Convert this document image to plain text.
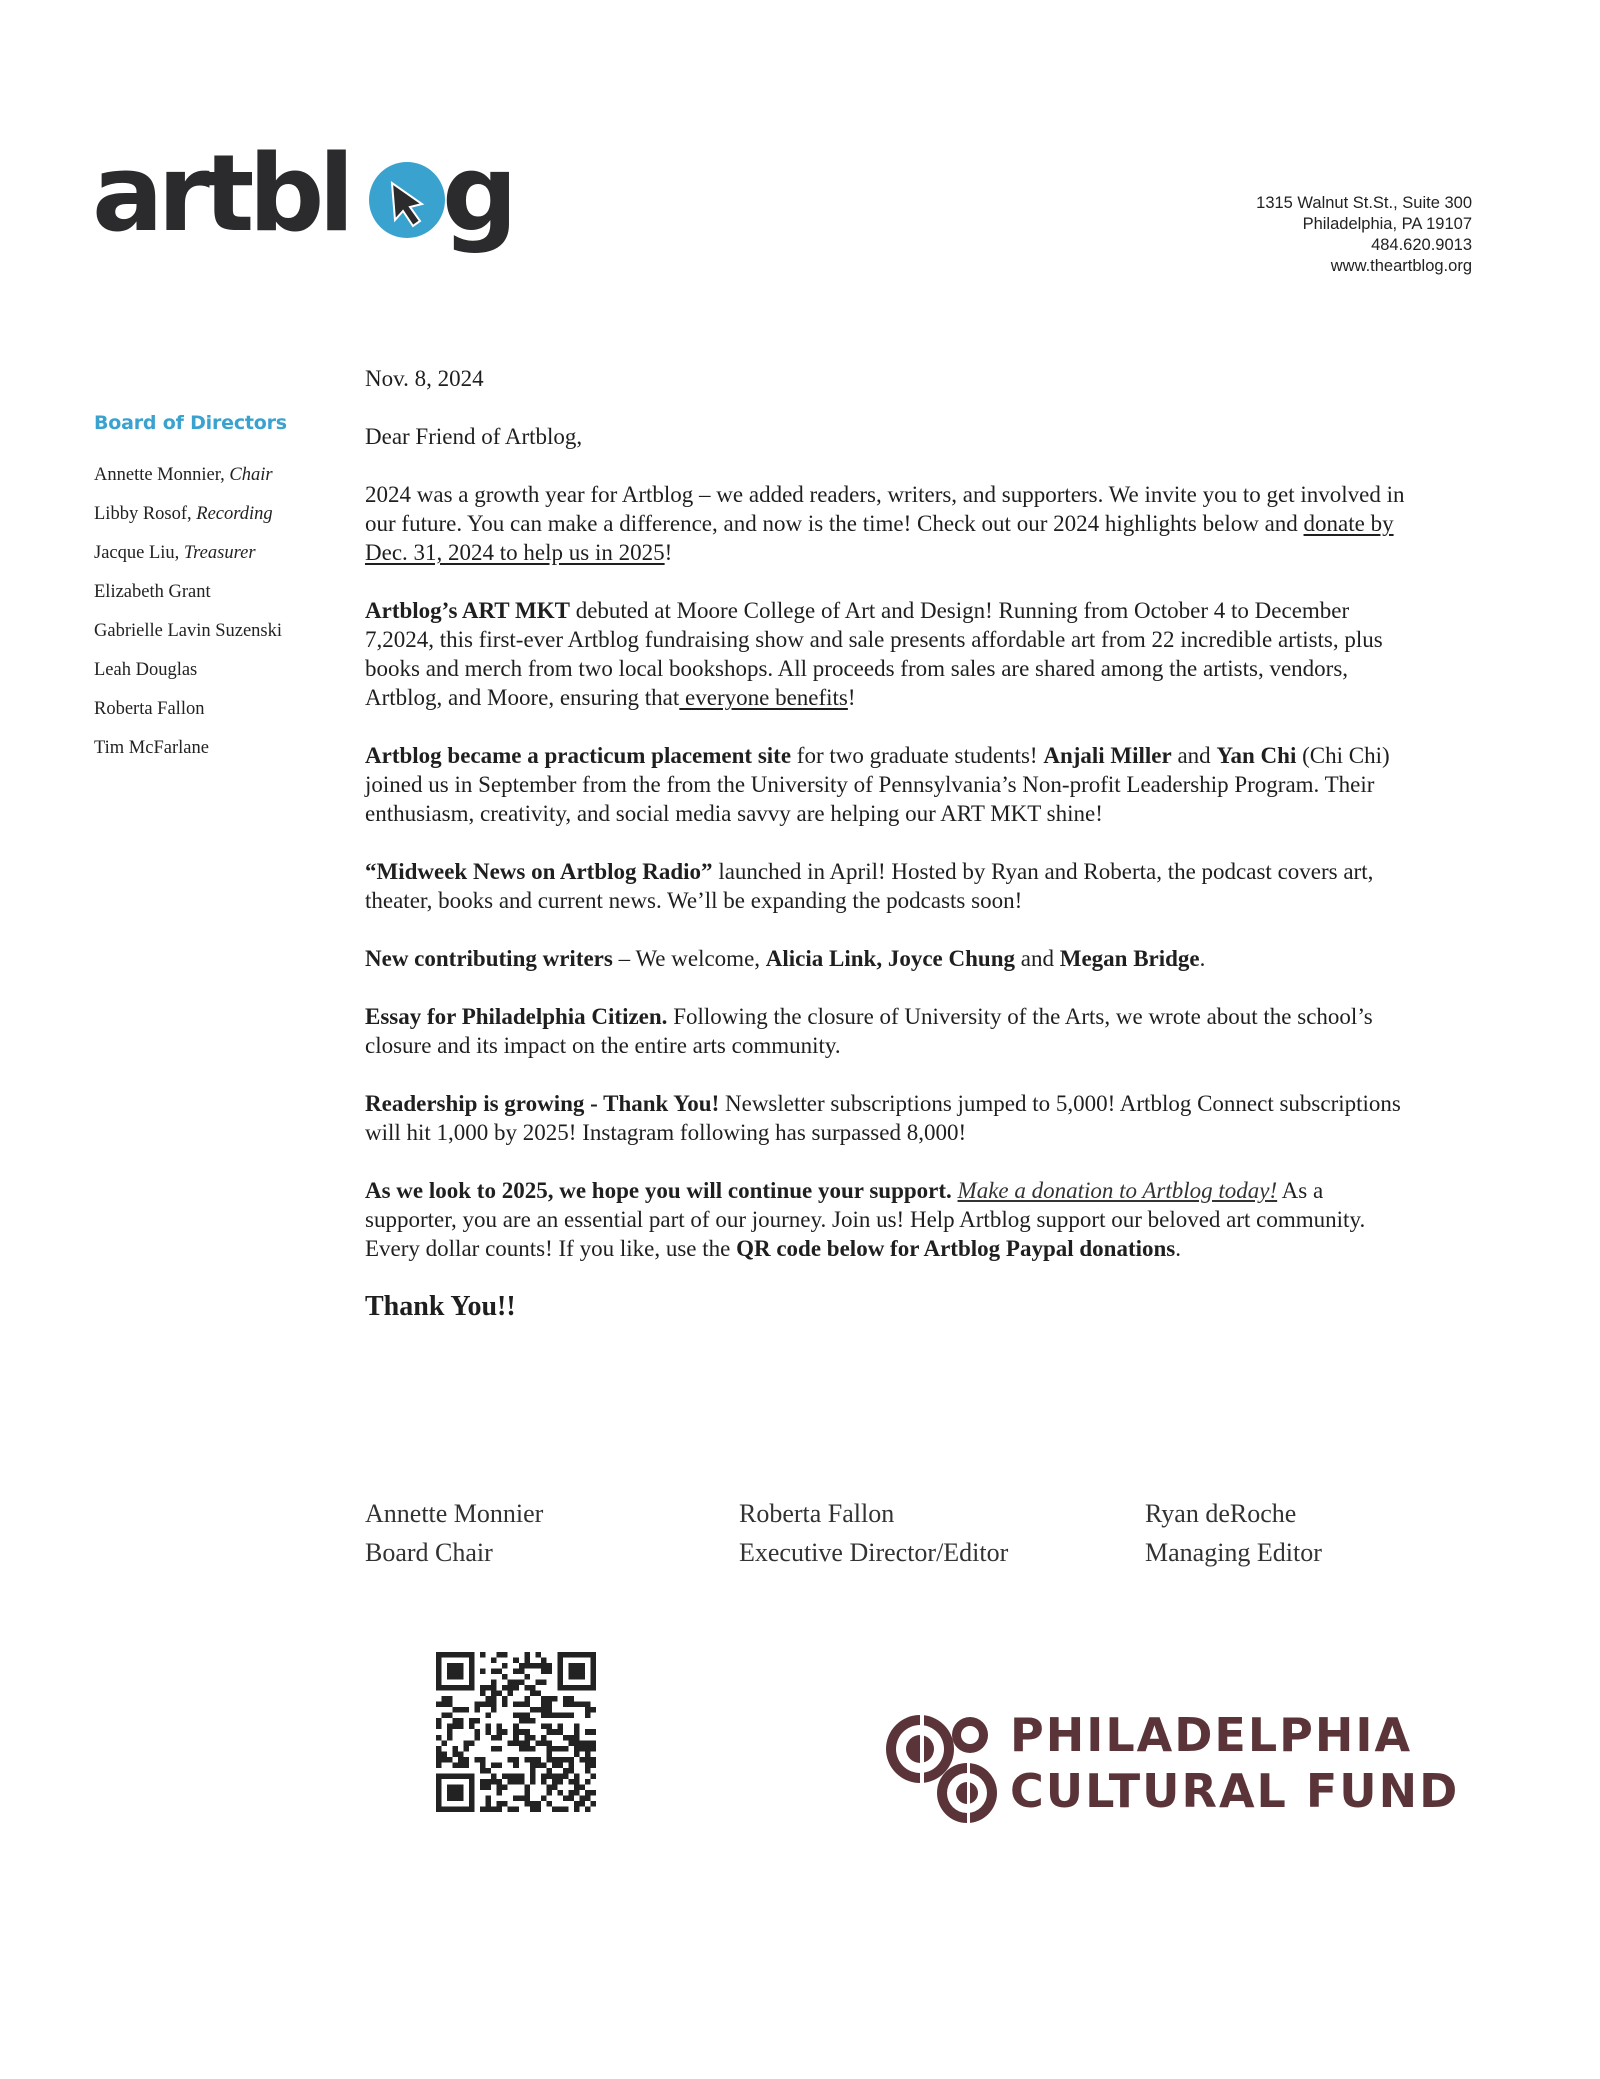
artbl g	1315 Walnut St.St., Suite 300
Philadelphia, PA 19107
484.620.9013
www.theartblog.org
Board of Directors
Annette Monnier, Chair
Libby Rosof, Recording
Jacque Liu, Treasurer
Elizabeth Grant
Gabrielle Lavin Suzenski
Leah Douglas
Roberta Fallon
Tim McFarlane

Nov. 8, 2024

Dear Friend of Artblog,

2024 was a growth year for Artblog – we added readers, writers, and supporters. We invite you to get involved in our future. You can make a difference, and now is the time! Check out our 2024 highlights below and donate by Dec. 31, 2024 to help us in 2025!

Artblog’s ART MKT debuted at Moore College of Art and Design! Running from October 4 to December 7,2024, this first-ever Artblog fundraising show and sale presents affordable art from 22 incredible artists, plus books and merch from two local bookshops. All proceeds from sales are shared among the artists, vendors, Artblog, and Moore, ensuring that everyone benefits!

Artblog became a practicum placement site for two graduate students! Anjali Miller and Yan Chi (Chi Chi) joined us in September from the from the University of Pennsylvania’s Non-profit Leadership Program. Their enthusiasm, creativity, and social media savvy are helping our ART MKT shine!

“Midweek News on Artblog Radio” launched in April! Hosted by Ryan and Roberta, the podcast covers art, theater, books and current news. We’ll be expanding the podcasts soon!

New contributing writers – We welcome, Alicia Link, Joyce Chung and Megan Bridge.

Essay for Philadelphia Citizen. Following the closure of University of the Arts, we wrote about the school’s closure and its impact on the entire arts community.

Readership is growing - Thank You! Newsletter subscriptions jumped to 5,000! Artblog Connect subscriptions will hit 1,000 by 2025! Instagram following has surpassed 8,000!

As we look to 2025, we hope you will continue your support. Make a donation to Artblog today! As a supporter, you are an essential part of our journey. Join us! Help Artblog support our beloved art community. Every dollar counts! If you like, use the QR code below for Artblog Paypal donations.

Thank You!!

Annette Monnier
Board Chair
Roberta Fallon
Executive Director/Editor
Ryan deRoche
Managing Editor
PHILADELPHIA
CULTURAL FUND
